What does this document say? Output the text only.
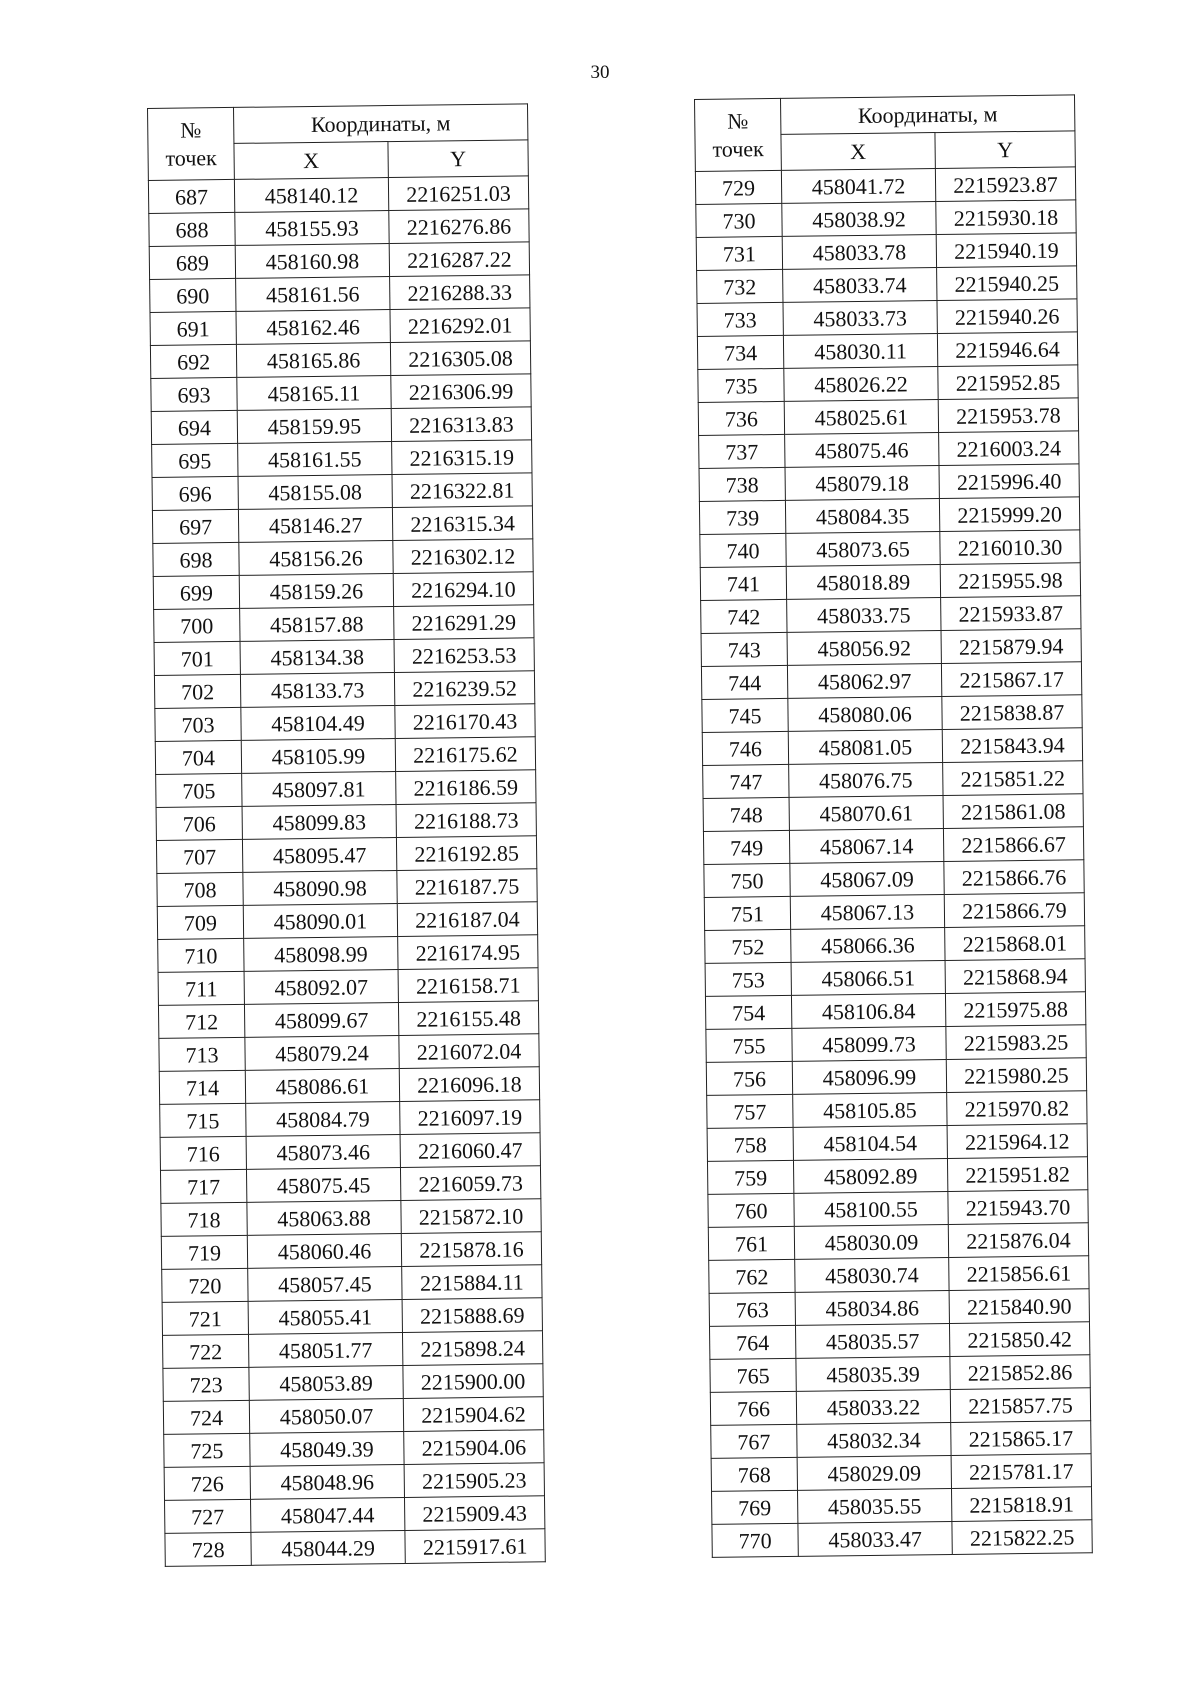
30
№
точек	Координаты, м	
	X	Y
687	458140.12	2216251.03
688	458155.93	2216276.86
689	458160.98	2216287.22
690	458161.56	2216288.33
691	458162.46	2216292.01
692	458165.86	2216305.08
693	458165.11	2216306.99
694	458159.95	2216313.83
695	458161.55	2216315.19
696	458155.08	2216322.81
697	458146.27	2216315.34
698	458156.26	2216302.12
699	458159.26	2216294.10
700	458157.88	2216291.29
701	458134.38	2216253.53
702	458133.73	2216239.52
703	458104.49	2216170.43
704	458105.99	2216175.62
705	458097.81	2216186.59
706	458099.83	2216188.73
707	458095.47	2216192.85
708	458090.98	2216187.75
709	458090.01	2216187.04
710	458098.99	2216174.95
711	458092.07	2216158.71
712	458099.67	2216155.48
713	458079.24	2216072.04
714	458086.61	2216096.18
715	458084.79	2216097.19
716	458073.46	2216060.47
717	458075.45	2216059.73
718	458063.88	2215872.10
719	458060.46	2215878.16
720	458057.45	2215884.11
721	458055.41	2215888.69
722	458051.77	2215898.24
723	458053.89	2215900.00
724	458050.07	2215904.62
725	458049.39	2215904.06
726	458048.96	2215905.23
727	458047.44	2215909.43
728	458044.29	2215917.61
№
точек	Координаты, м	
	X	Y
729	458041.72	2215923.87
730	458038.92	2215930.18
731	458033.78	2215940.19
732	458033.74	2215940.25
733	458033.73	2215940.26
734	458030.11	2215946.64
735	458026.22	2215952.85
736	458025.61	2215953.78
737	458075.46	2216003.24
738	458079.18	2215996.40
739	458084.35	2215999.20
740	458073.65	2216010.30
741	458018.89	2215955.98
742	458033.75	2215933.87
743	458056.92	2215879.94
744	458062.97	2215867.17
745	458080.06	2215838.87
746	458081.05	2215843.94
747	458076.75	2215851.22
748	458070.61	2215861.08
749	458067.14	2215866.67
750	458067.09	2215866.76
751	458067.13	2215866.79
752	458066.36	2215868.01
753	458066.51	2215868.94
754	458106.84	2215975.88
755	458099.73	2215983.25
756	458096.99	2215980.25
757	458105.85	2215970.82
758	458104.54	2215964.12
759	458092.89	2215951.82
760	458100.55	2215943.70
761	458030.09	2215876.04
762	458030.74	2215856.61
763	458034.86	2215840.90
764	458035.57	2215850.42
765	458035.39	2215852.86
766	458033.22	2215857.75
767	458032.34	2215865.17
768	458029.09	2215781.17
769	458035.55	2215818.91
770	458033.47	2215822.25
